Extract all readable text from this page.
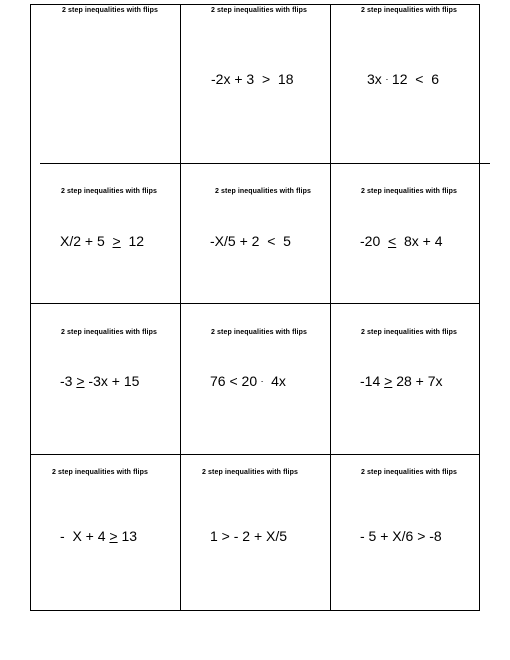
2 step inequalities with flips	2 step inequalities with flips
-2x + 3  >  18
2 step inequalities with flips
3x - 12  <  6
2 step inequalities with flips
X/2 + 5  >  12
2 step inequalities with flips
-X/5 + 2  <  5
2 step inequalities with flips
-20  <  8x + 4
2 step inequalities with flips
-3 > -3x + 15
2 step inequalities with flips
76 < 20 -  4x
2 step inequalities with flips
-14 > 28 + 7x
2 step inequalities with flips
-  X + 4 > 13
2 step inequalities with flips
1 > - 2 + X/5
2 step inequalities with flips
- 5 + X/6 > -8
